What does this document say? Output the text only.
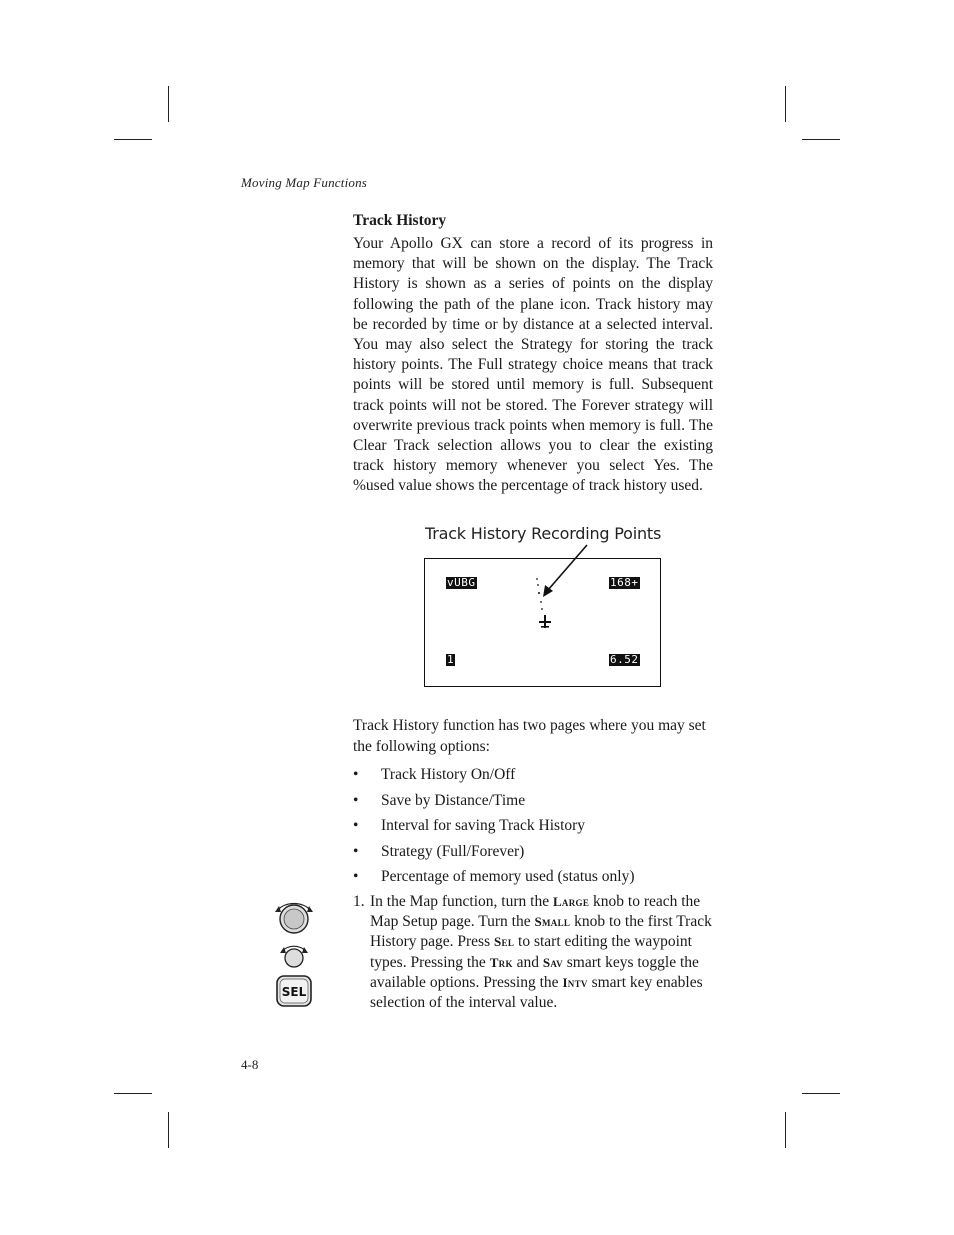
Moving Map Functions
Track History
Your Apollo GX can store a record of its progress in memory that will be shown on the display. The Track History is shown as a series of points on the display following the path of the plane icon. Track history may be recorded by time or by distance at a selected interval. You may also select the Strategy for storing the track history points. The Full strategy choice means that track points will be stored until memory is full. Subsequent track points will not be stored. The Forever strategy will overwrite previous track points when memory is full. The Clear Track selection allows you to clear the existing track history memory whenever you select Yes. The %used value shows the percentage of track history used.
Track History Recording Points
vUBG	168+
1	6.52
Track History function has two pages where you may set the following options:
• Track History On/Off
• Save by Distance/Time
• Interval for saving Track History
• Strategy (Full/Forever)
• Percentage of memory used (status only)
SEL
1. In the Map function, turn the Large knob to reach the Map Setup page. Turn the Small knob to the first Track History page. Press Sel to start editing the waypoint types. Pressing the Trk and Sav smart keys toggle the available options. Pressing the Intv smart key enables selection of the interval value.
4-8
